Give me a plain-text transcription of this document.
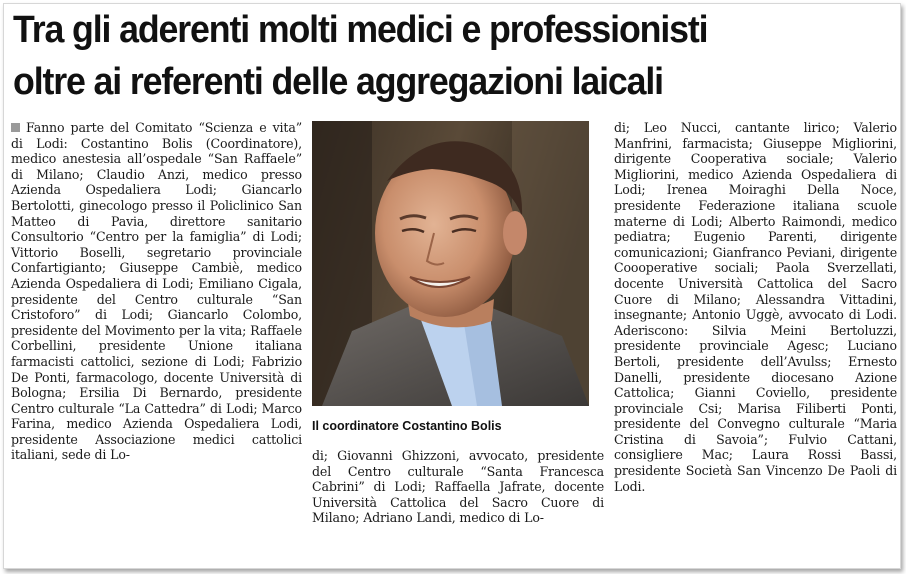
Tra gli aderenti molti medici e professionisti
oltre ai referenti delle aggregazioni laicali
Fanno parte del Comitato “Scienza e vita” di Lodi: Costantino Bolis (Coordinatore), medico anestesia all’ospedale “San Raffaele” di Milano; Claudio Anzi, medico presso Azienda Ospedaliera Lodi; Giancarlo Bertolotti, ginecologo presso il Policlinico San Matteo di Pavia, direttore sanitario Consultorio “Centro per la famiglia” di Lodi; Vittorio Boselli, segretario provinciale Confartigianto; Giuseppe Cambiè, medico Azienda Ospedaliera di Lodi; Emiliano Cigala, presidente del Centro culturale “San Cristoforo” di Lodi; Giancarlo Colombo, presidente del Movimento per la vita; Raffaele Corbellini, presidente Unione italiana farmacisti cattolici, sezione di Lodi; Fabrizio De Ponti, farmacologo, docente Università di Bologna; Ersilia Di Bernardo, presidente Centro culturale “La Cattedra” di Lodi; Marco Farina, medico Azienda Ospedaliera Lodi, presidente Associazione medici cattolici italiani, sede di Lo-
Il coordinatore Costantino Bolis
di; Giovanni Ghizzoni, avvocato, presidente del Centro culturale “Santa Francesca Cabrini” di Lodi; Raffaella Jafrate, docente Università Cattolica del Sacro Cuore di Milano; Adriano Landi, medico di Lo-
di; Leo Nucci, cantante lirico; Valerio Manfrini, farmacista; Giuseppe Migliorini, dirigente Cooperativa sociale; Valerio Migliorini, medico Azienda Ospedaliera di Lodi; Irenea Moiraghi Della Noce, presidente Federazione italiana scuole materne di Lodi; Alberto Raimondi, medico pediatra; Eugenio Parenti, dirigente comunicazioni; Gianfranco Peviani, dirigente Coooperative sociali; Paola Sverzellati, docente Università Cattolica del Sacro Cuore di Milano; Alessandra Vittadini, insegnante; Antonio Uggè, avvocato di Lodi. Aderiscono: Silvia Meini Bertoluzzi, presidente provinciale Agesc; Luciano Bertoli, presidente dell’Avulss; Ernesto Danelli, presidente diocesano Azione Cattolica; Gianni Coviello, presidente provinciale Csi; Marisa Filiberti Ponti, presidente del Convegno culturale “Maria Cristina di Savoia”; Fulvio Cattani, consigliere Mac; Laura Rossi Bassi, presidente Società San Vincenzo De Paoli di Lodi.
